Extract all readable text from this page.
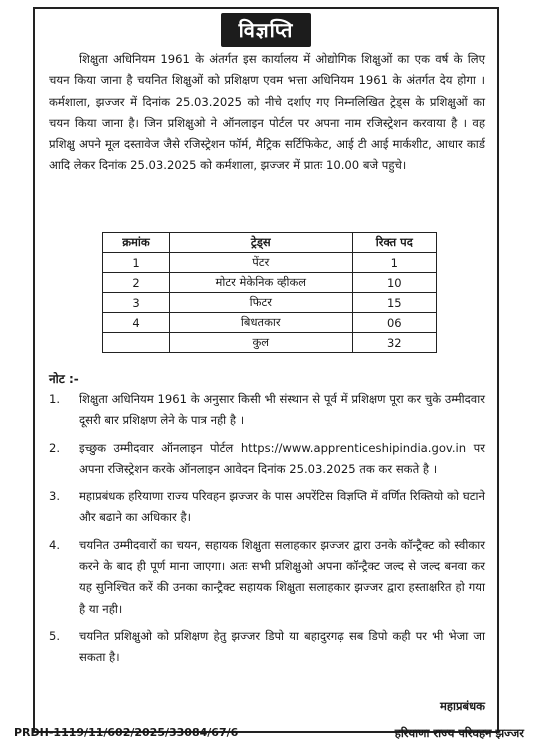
विज्ञप्ति

शिक्षुता अधिनियम 1961 के अंतर्गत इस कार्यालय में ओद्योगिक शिक्षुओं का एक वर्ष के लिए चयन किया जाना है चयनित शिक्षुओं को प्रशिक्षण एवम भत्ता अधिनियम 1961 के अंतर्गत देय होगा । कर्मशाला, झज्जर में दिनांक 25.03.2025 को नीचे दर्शाए गए निम्नलिखित ट्रेड्स के प्रशिक्षुओं का चयन किया जाना है। जिन प्रशिक्षुओ ने ऑनलाइन पोर्टल पर अपना नाम रजिस्ट्रेशन करवाया है । वह प्रशिक्षु अपने मूल दस्तावेज जैसे रजिस्ट्रेशन फॉर्म, मैट्रिक सर्टिफिकेट, आई टी आई मार्कशीट, आधार कार्ड आदि लेकर दिनांक 25.03.2025 को कर्मशाला, झज्जर में प्रातः 10.00 बजे पहुचे।

क्रमांक	ट्रेड्स	रिक्त पद
1	पेंटर	1
2	मोटर मेकेनिक व्हीकल	10
3	फिटर	15
4	बिधतकार	06
	कुल	32
नोट :-
1.	शिक्षुता अधिनियम 1961 के अनुसार किसी भी संस्थान से पूर्व में प्रशिक्षण पूरा कर चुके उम्मीदवार दूसरी बार प्रशिक्षण लेने के पात्र नही है ।
2.	इच्छुक उम्मीदवार ऑनलाइन पोर्टल https://www.apprenticeshipindia.gov.in पर अपना रजिस्ट्रेशन करके ऑनलाइन आवेदन दिनांक 25.03.2025 तक कर सकते है ।
3.	महाप्रबंधक हरियाणा राज्य परिवहन झज्जर के पास अपरेंटिस विज्ञप्ति में वर्णित रिक्तियो को घटाने और बढाने का अधिकार है।
4.	चयनित उम्मीदवारों का चयन, सहायक शिक्षुता सलाहकार झज्जर द्वारा उनके कॉन्ट्रैक्ट को स्वीकार करने के बाद ही पूर्ण माना जाएगा। अतः सभी प्रशिक्षुओ अपना कॉन्ट्रैक्ट जल्द से जल्द बनवा कर यह सुनिश्चित करें की उनका कान्ट्रैक्ट सहायक शिक्षुता सलाहकार झज्जर द्वारा हस्ताक्षरित हो गया है या नही।
5.	चयनित प्रशिक्षुओ को प्रशिक्षण हेतु झज्जर डिपो या बहादुरगढ़ सब डिपो कही पर भी भेजा जा सकता है।
महाप्रबंधक
PRDH-1119/11/602/2025/33084/67/6	हरियाणा राज्य परिवहन झज्जर
